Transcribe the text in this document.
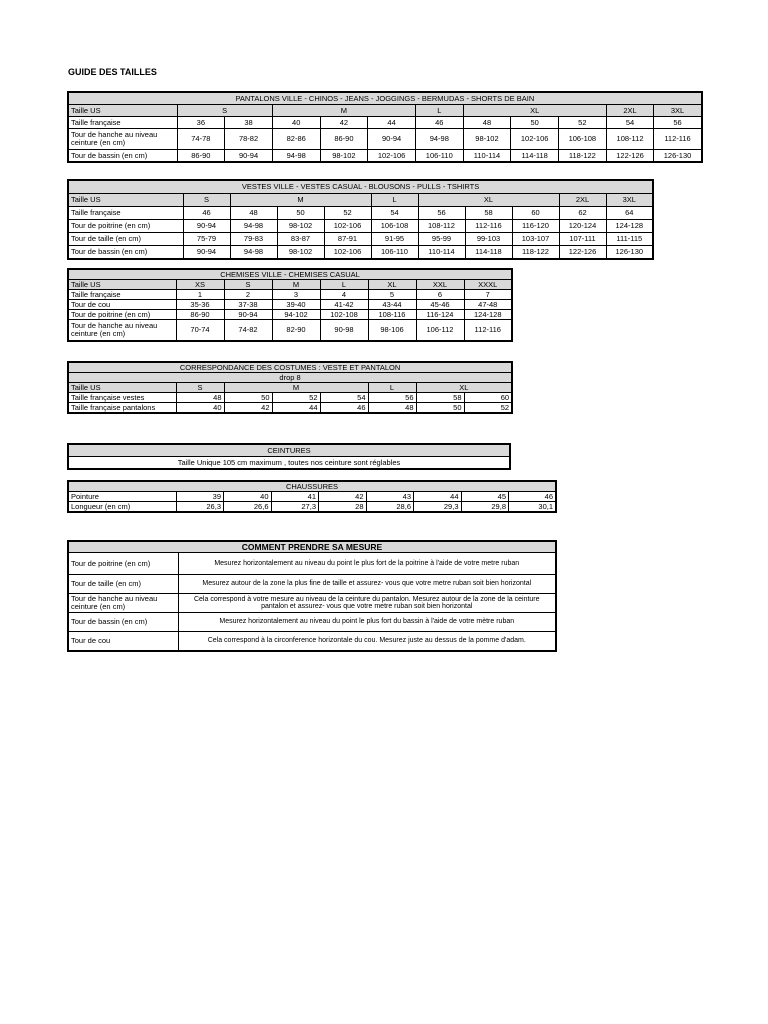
GUIDE DES TAILLES
PANTALONS VILLE - CHINOS - JEANS - JOGGINGS - BERMUDAS - SHORTS DE BAIN											
Taille US	S		M			L	XL			2XL	3XL
Taille française	36	38	40	42	44	46	48	50	52	54	56
Tour de hanche au niveau ceinture (en cm)	74-78	78-82	82-86	86-90	90-94	94-98	98-102	102-106	106-108	108-112	112-116
Tour de bassin (en cm)	86-90	90-94	94-98	98-102	102-106	106-110	110-114	114-118	118-122	122-126	126-130
VESTES VILLE - VESTES CASUAL - BLOUSONS - PULLS - TSHIRTS										
Taille US	S	M			L	XL			2XL	3XL
Taille française	46	48	50	52	54	56	58	60	62	64
Tour de poitrine (en cm)	90-94	94-98	98-102	102-106	106-108	108-112	112-116	116-120	120-124	124-128
Tour de taille (en cm)	75-79	79-83	83-87	87-91	91-95	95-99	99-103	103-107	107-111	111-115
Tour de bassin (en cm)	90-94	94-98	98-102	102-106	106-110	110-114	114-118	118-122	122-126	126-130
CHEMISES VILLE - CHEMISES CASUAL							
Taille US	XS	S	M	L	XL	XXL	XXXL
Taille française	1	2	3	4	5	6	7
Tour de cou	35-36	37-38	39-40	41-42	43-44	45-46	47-48
Tour de poitrine (en cm)	86-90	90-94	94-102	102-108	108-116	116-124	124-128
Tour de hanche au niveau ceinture (en cm)	70-74	74-82	82-90	90-98	98-106	106-112	112-116
CORRESPONDANCE DES COSTUMES : VESTE ET PANTALON							
drop 8							
Taille US	S	M			L	XL	
Taille française vestes	48	50	52	54	56	58	60
Taille française pantalons	40	42	44	46	48	50	52
CEINTURES
Taille Unique 105 cm maximum , toutes nos ceinture sont réglables
CHAUSSURES								
Pointure	39	40	41	42	43	44	45	46
Longueur (en cm)	26,3	26,6	27,3	28	28,6	29,3	29,8	30,1
COMMENT PRENDRE SA MESURE	
Tour de poitrine (en cm)	Mesurez horizontalement au niveau du point le plus fort de la poitrine à l'aide de votre metre ruban
Tour de taille (en cm)	Mesurez autour de la zone la plus fine de taille et assurez- vous que votre metre ruban soit bien horizontal
Tour de hanche au niveau ceinture (en cm)	Cela correspond à votre mesure au niveau de la ceinture du pantalon. Mesurez autour de la zone de la ceinture pantalon et assurez- vous que votre metre ruban soit bien horizontal
Tour de bassin (en cm)	Mesurez horizontalement au niveau du point le plus fort du bassin à l'aide de votre mètre ruban
Tour de cou	Cela correspond à la circonference horizontale du cou. Mesurez juste au dessus de la pomme d'adam.
